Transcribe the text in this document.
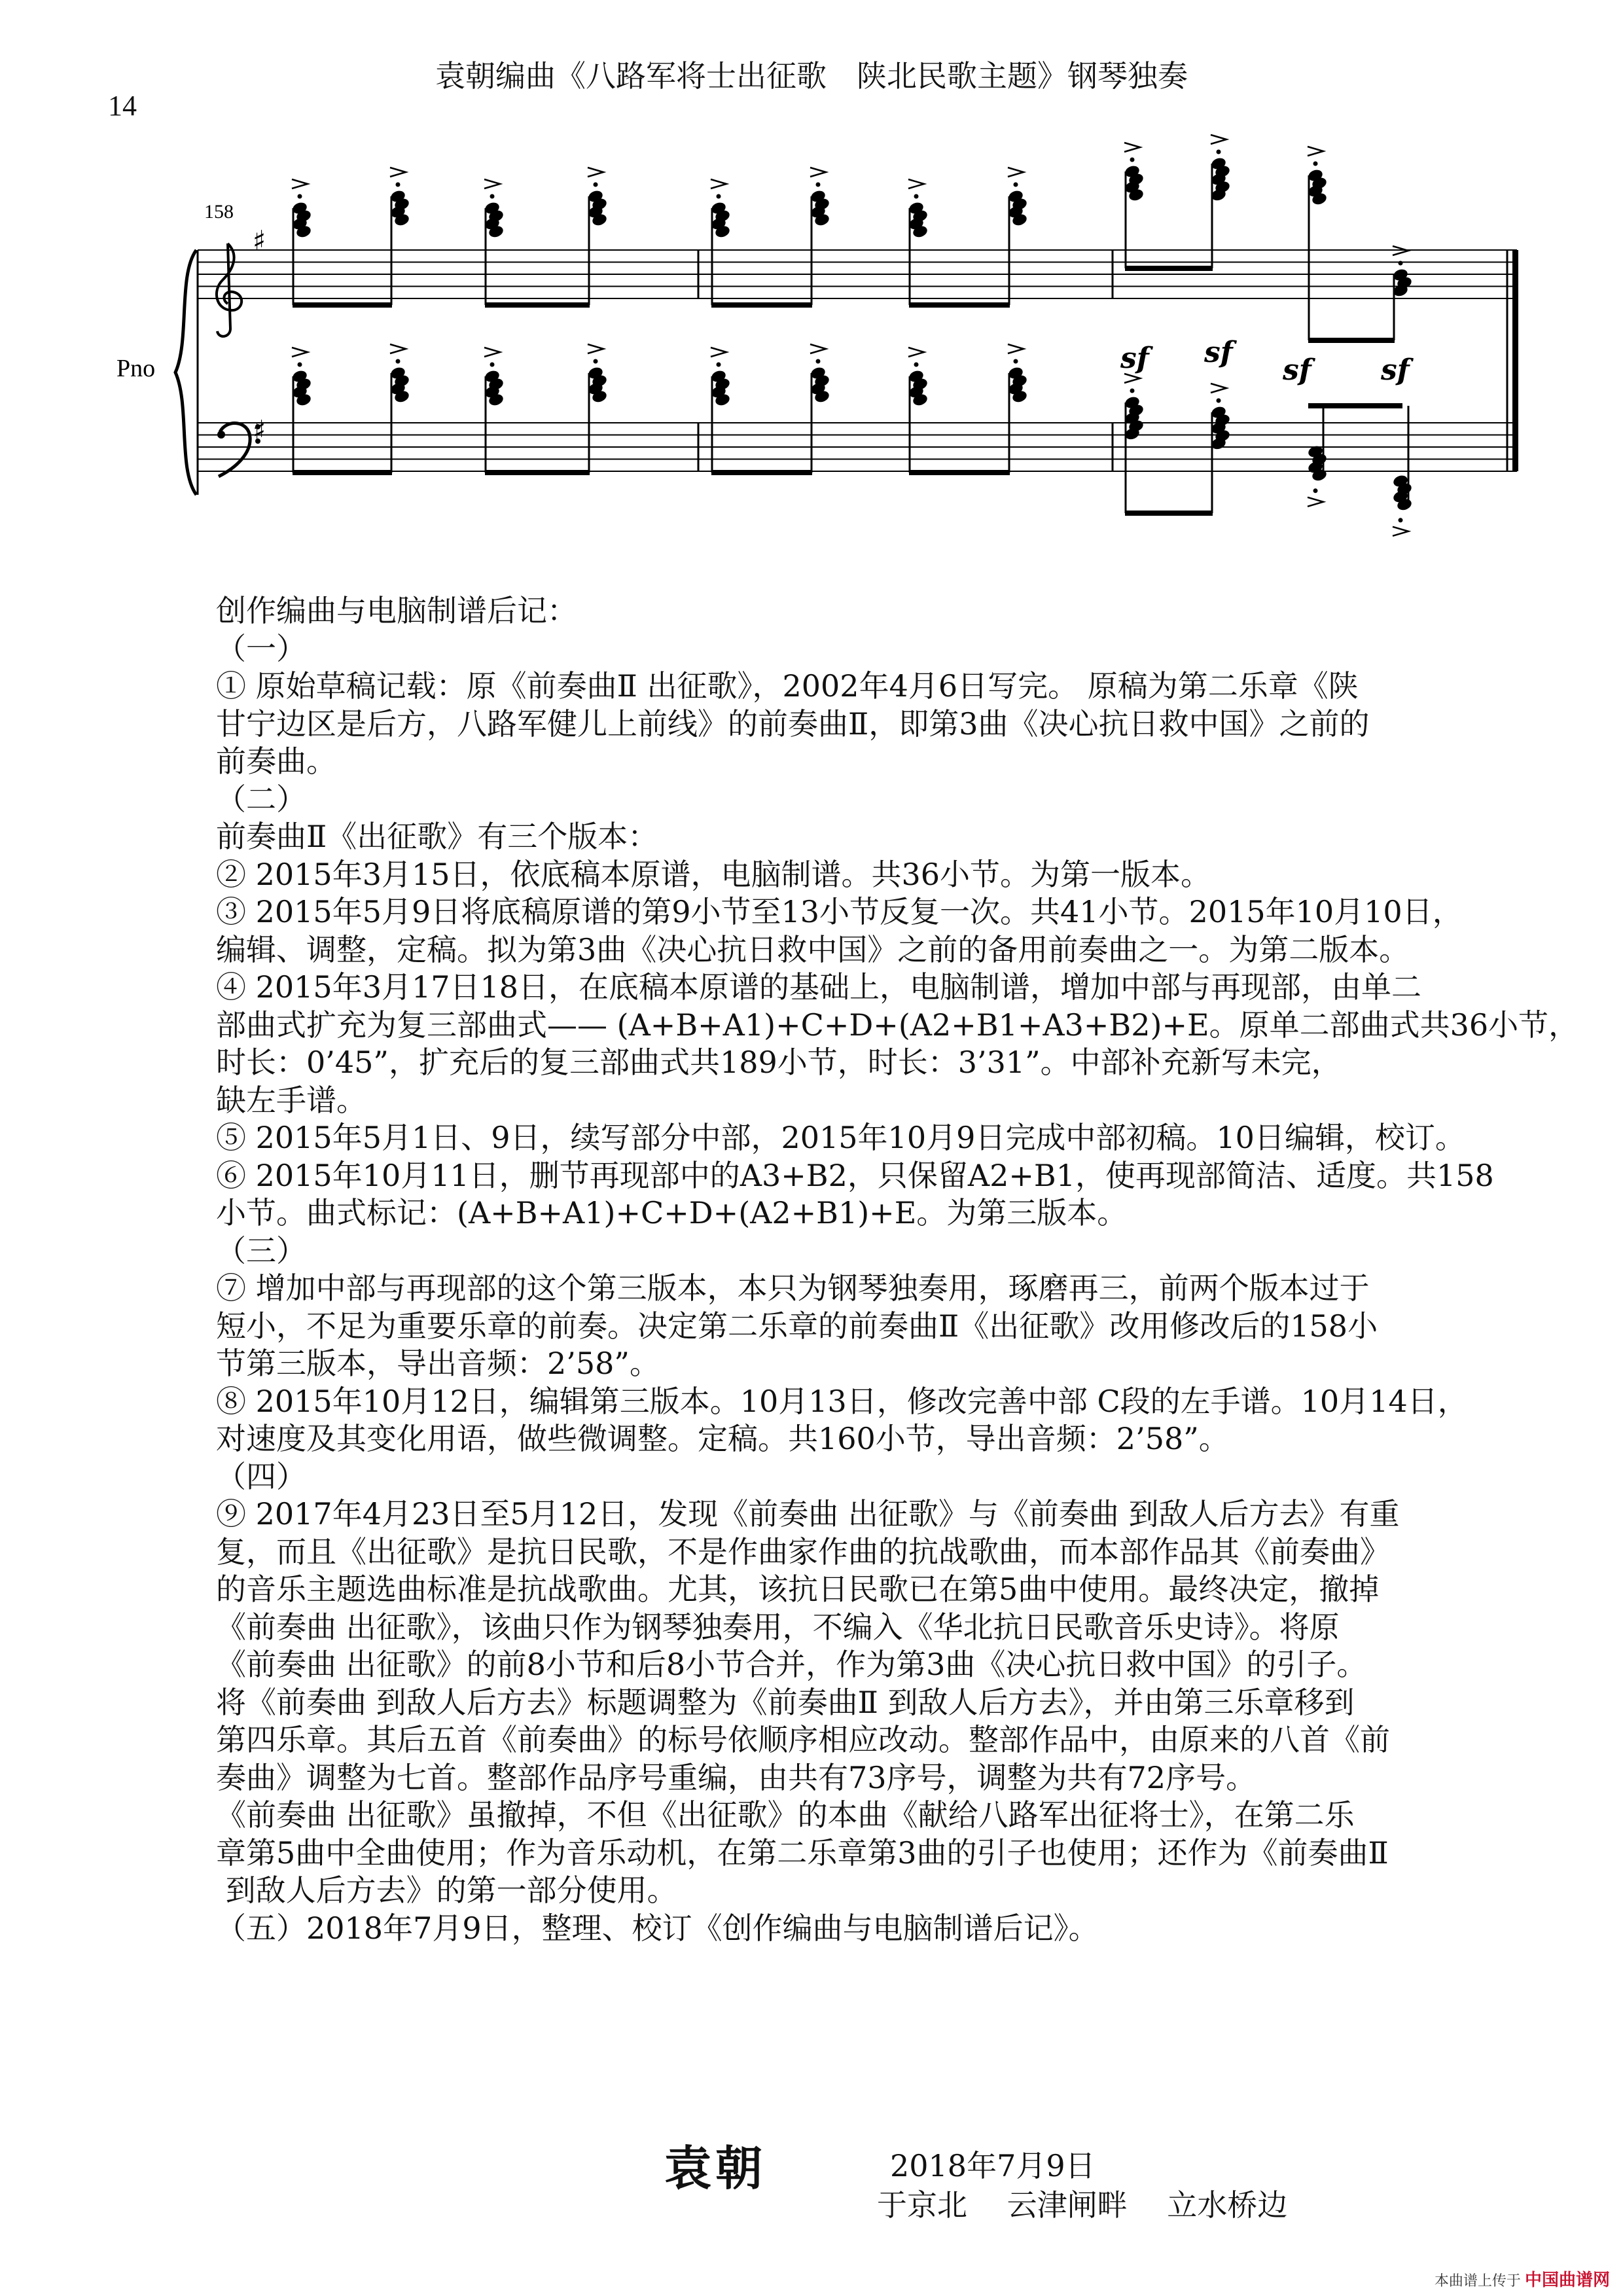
袁朝编曲《八路军将士出征歌　陕北民歌主题》钢琴独奏
14
158
Pno
♯
♯
sf sf
sf sf
创作编曲与电脑制谱后记：
（一）
① 原始草稿记载：原《前奏曲Ⅱ 出征歌》，2002年4月6日写完。 原稿为第二乐章《陕
甘宁边区是后方，八路军健儿上前线》的前奏曲Ⅱ，即第3曲《决心抗日救中国》之前的
前奏曲。
（二）
前奏曲Ⅱ《出征歌》有三个版本：
② 2015年3月15日，依底稿本原谱，电脑制谱。共36小节。为第一版本。
③ 2015年5月9日将底稿原谱的第9小节至13小节反复一次。共41小节。2015年10月10日，
编辑、调整，定稿。拟为第3曲《决心抗日救中国》之前的备用前奏曲之一。为第二版本。
④ 2015年3月17日18日，在底稿本原谱的基础上，电脑制谱，增加中部与再现部，由单二
部曲式扩充为复三部曲式—— (A+B+A1)+C+D+(A2+B1+A3+B2)+E。原单二部曲式共36小节，
时长：0’45”，扩充后的复三部曲式共189小节，时长：3’31”。中部补充新写未完，
缺左手谱。
⑤ 2015年5月1日、9日，续写部分中部，2015年10月9日完成中部初稿。10日编辑，校订。
⑥ 2015年10月11日，删节再现部中的A3+B2，只保留A2+B1，使再现部简洁、适度。共158
小节。曲式标记：(A+B+A1)+C+D+(A2+B1)+E。为第三版本。
（三）
⑦ 增加中部与再现部的这个第三版本，本只为钢琴独奏用，琢磨再三，前两个版本过于
短小，不足为重要乐章的前奏。决定第二乐章的前奏曲Ⅱ《出征歌》改用修改后的158小
节第三版本，导出音频：2’58”。
⑧ 2015年10月12日，编辑第三版本。10月13日，修改完善中部 C段的左手谱。10月14日，
对速度及其变化用语，做些微调整。定稿。共160小节，导出音频：2’58”。
（四）
⑨ 2017年4月23日至5月12日，发现《前奏曲 出征歌》与《前奏曲 到敌人后方去》有重
复，而且《出征歌》是抗日民歌，不是作曲家作曲的抗战歌曲，而本部作品其《前奏曲》
的音乐主题选曲标准是抗战歌曲。尤其，该抗日民歌已在第5曲中使用。最终决定，撤掉
《前奏曲 出征歌》，该曲只作为钢琴独奏用，不编入《华北抗日民歌音乐史诗》。将原
《前奏曲 出征歌》的前8小节和后8小节合并，作为第3曲《决心抗日救中国》的引子。
将《前奏曲 到敌人后方去》标题调整为《前奏曲Ⅱ 到敌人后方去》，并由第三乐章移到
第四乐章。其后五首《前奏曲》的标号依顺序相应改动。整部作品中，由原来的八首《前
奏曲》调整为七首。整部作品序号重编，由共有73序号，调整为共有72序号。
《前奏曲 出征歌》虽撤掉，不但《出征歌》的本曲《献给八路军出征将士》，在第二乐
章第5曲中全曲使用；作为音乐动机，在第二乐章第3曲的引子也使用；还作为《前奏曲Ⅱ
到敌人后方去》的第一部分使用。
（五）2018年7月9日，整理、校订《创作编曲与电脑制谱后记》。
袁朝	2018年7月9日
于京北　 云津闸畔　 立水桥边
本曲谱上传于 中国曲谱网
